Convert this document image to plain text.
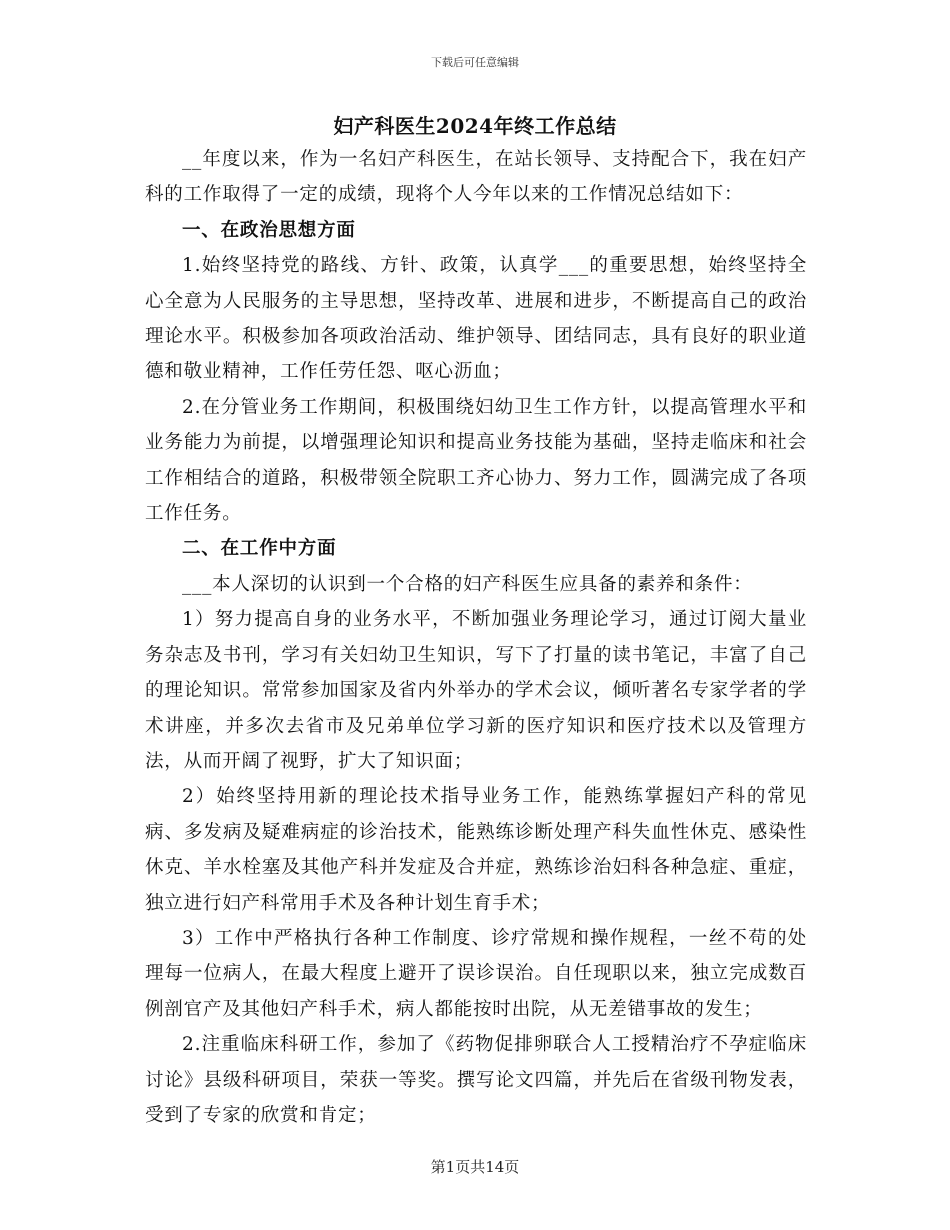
下载后可任意编辑
妇产科医生2024年终工作总结

__年度以来，作为一名妇产科医生，在站长领导、支持配合下，我在妇产科的工作取得了一定的成绩，现将个人今年以来的工作情况总结如下：

一、在政治思想方面

1.始终坚持党的路线、方针、政策，认真学___的重要思想，始终坚持全心全意为人民服务的主导思想，坚持改革、进展和进步，不断提高自己的政治理论水平。积极参加各项政治活动、维护领导、团结同志，具有良好的职业道德和敬业精神，工作任劳任怨、呕心沥血；

2.在分管业务工作期间，积极围绕妇幼卫生工作方针，以提高管理水平和业务能力为前提，以增强理论知识和提高业务技能为基础，坚持走临床和社会工作相结合的道路，积极带领全院职工齐心协力、努力工作，圆满完成了各项工作任务。

二、在工作中方面

___本人深切的认识到一个合格的妇产科医生应具备的素养和条件：

1）努力提高自身的业务水平，不断加强业务理论学习，通过订阅大量业务杂志及书刊，学习有关妇幼卫生知识，写下了打量的读书笔记，丰富了自己的理论知识。常常参加国家及省内外举办的学术会议，倾听著名专家学者的学术讲座，并多次去省市及兄弟单位学习新的医疗知识和医疗技术以及管理方法，从而开阔了视野，扩大了知识面；

2）始终坚持用新的理论技术指导业务工作，能熟练掌握妇产科的常见病、多发病及疑难病症的诊治技术，能熟练诊断处理产科失血性休克、感染性休克、羊水栓塞及其他产科并发症及合并症，熟练诊治妇科各种急症、重症，独立进行妇产科常用手术及各种计划生育手术；

3）工作中严格执行各种工作制度、诊疗常规和操作规程，一丝不苟的处理每一位病人，在最大程度上避开了误诊误治。自任现职以来，独立完成数百例剖官产及其他妇产科手术，病人都能按时出院，从无差错事故的发生；

2.注重临床科研工作，参加了《药物促排卵联合人工授精治疗不孕症临床讨论》县级科研项目，荣获一等奖。撰写论文四篇，并先后在省级刊物发表，受到了专家的欣赏和肯定；

第1页共14页
